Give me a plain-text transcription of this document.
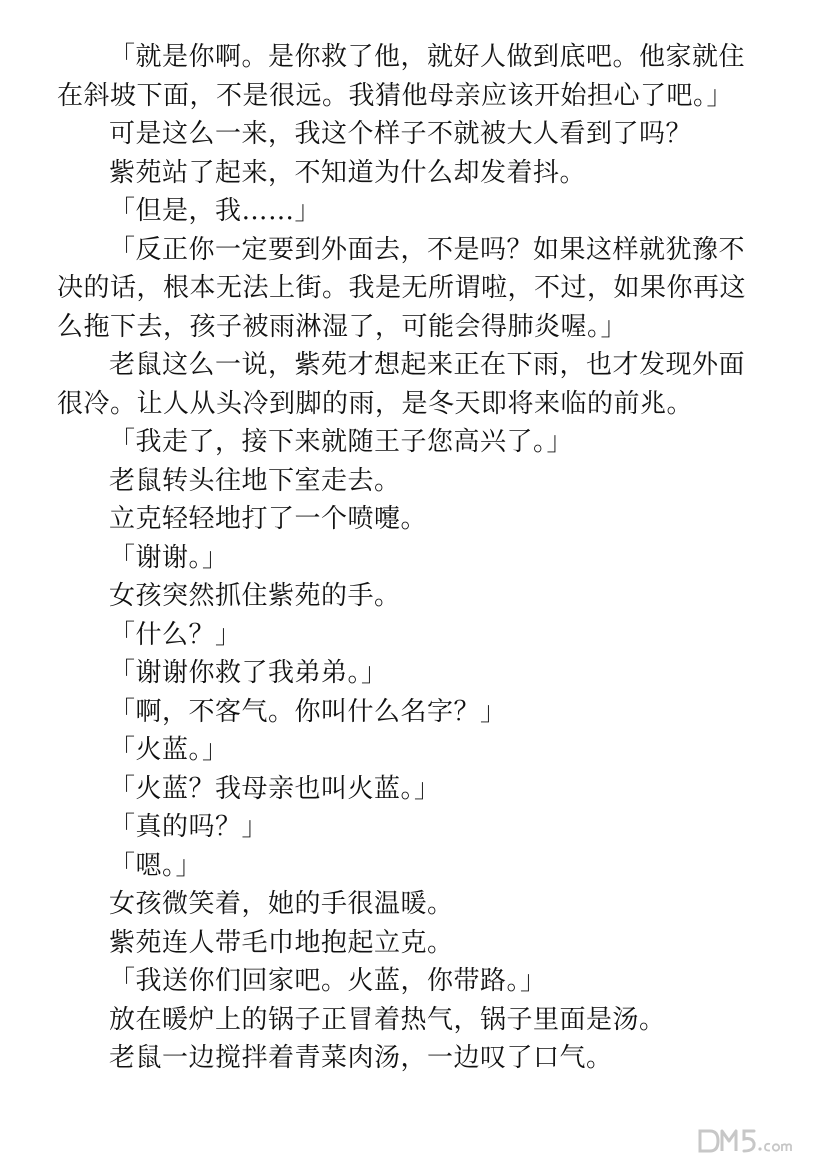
「就是你啊。是你救了他，就好人做到底吧。他家就住在斜坡下面，不是很远。我猜他母亲应该开始担心了吧。」

可是这么一来，我这个样子不就被大人看到了吗？

紫苑站了起来，不知道为什么却发着抖。

「但是，我……」

「反正你一定要到外面去，不是吗？如果这样就犹豫不决的话，根本无法上街。我是无所谓啦，不过，如果你再这么拖下去，孩子被雨淋湿了，可能会得肺炎喔。」

老鼠这么一说，紫苑才想起来正在下雨，也才发现外面很冷。让人从头冷到脚的雨，是冬天即将来临的前兆。

「我走了，接下来就随王子您高兴了。」

老鼠转头往地下室走去。

立克轻轻地打了一个喷嚏。

「谢谢。」

女孩突然抓住紫苑的手。

「什么？」

「谢谢你救了我弟弟。」

「啊，不客气。你叫什么名字？」

「火蓝。」

「火蓝？我母亲也叫火蓝。」

「真的吗？」

「嗯。」

女孩微笑着，她的手很温暖。

紫苑连人带毛巾地抱起立克。

「我送你们回家吧。火蓝，你带路。」

放在暖炉上的锅子正冒着热气，锅子里面是汤。

老鼠一边搅拌着青菜肉汤，一边叹了口气。
